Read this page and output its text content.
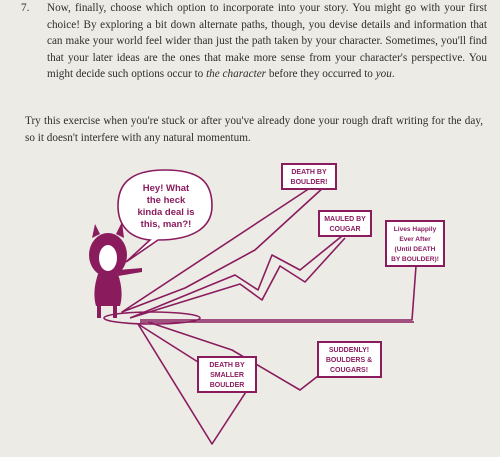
7. Now, finally, choose which option to incorporate into your story. You might go with your first choice! By exploring a bit down alternate paths, though, you devise details and information that can make your world feel wider than just the path taken by your character. Sometimes, you'll find that your later ideas are the ones that make more sense from your character's perspective. You might decide such options occur to the character before they occurred to you.
Try this exercise when you're stuck or after you've already done your rough draft writing for the day, so it doesn't interfere with any natural momentum.
Hey! What
the heck
kinda deal is
this, man?!
DEATH BY
BOULDER!
MAULED BY
COUGAR	Lives Happily
Ever After
(Until DEATH
BY BOULDER)!
SUDDENLY!
BOULDERS &
COUGARS!
DEATH BY
SMALLER
BOULDER
